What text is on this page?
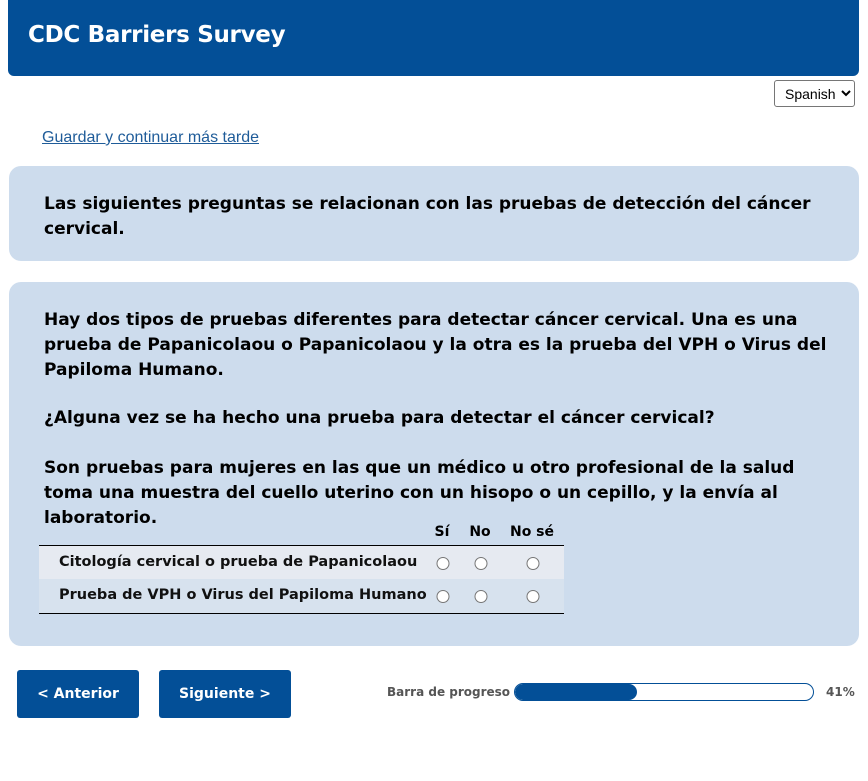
CDC Barriers Survey
Spanish
Guardar y continuar más tarde
Las siguientes preguntas se relacionan con las pruebas de detección del cáncer cervical.
Hay dos tipos de pruebas diferentes para detectar cáncer cervical. Una es una prueba de Papanicolaou o Papanicolaou y la otra es la prueba del VPH o Virus del Papiloma Humano.
¿Alguna vez se ha hecho una prueba para detectar el cáncer cervical?
Son pruebas para mujeres en las que un médico u otro profesional de la salud toma una muestra del cuello uterino con un hisopo o un cepillo, y la envía al laboratorio.
Sí No No sé
Citología cervical o prueba de Papanicolaou
Prueba de VPH o Virus del Papiloma Humano
< Anterior	Siguiente >	Barra de progreso	41%
